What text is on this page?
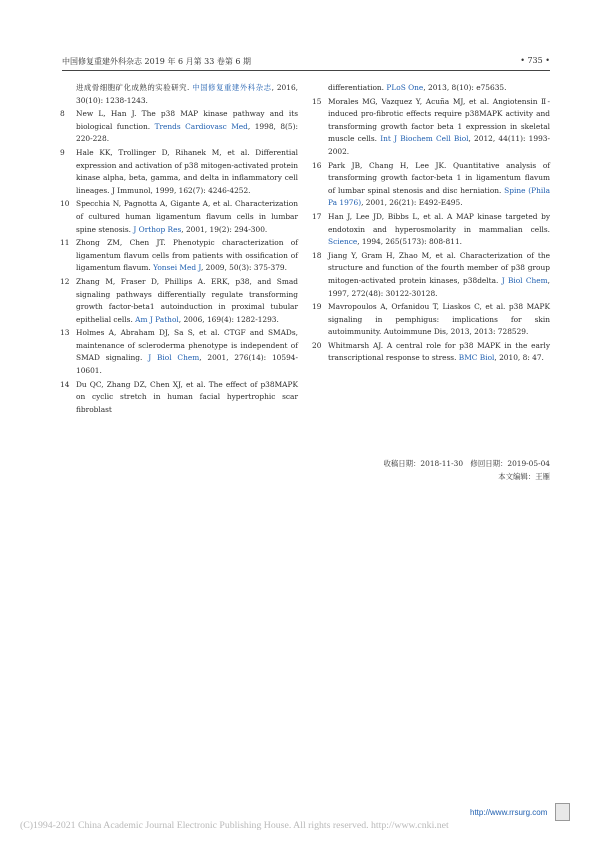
中国修复重建外科杂志 2019 年 6 月第 33 卷第 6 期	• 735 •
进成骨细胞矿化成熟的实验研究. 中国修复重建外科杂志, 2016, 30(10): 1238-1243.
8 New L, Han J. The p38 MAP kinase pathway and its biological function. Trends Cardiovasc Med, 1998, 8(5): 220-228.
9 Hale KK, Trollinger D, Rihanek M, et al. Differential expression and activation of p38 mitogen-activated protein kinase alpha, beta, gamma, and delta in inflammatory cell lineages. J Immunol, 1999, 162(7): 4246-4252.
10 Specchia N, Pagnotta A, Gigante A, et al. Characterization of cultured human ligamentum flavum cells in lumbar spine stenosis. J Orthop Res, 2001, 19(2): 294-300.
11 Zhong ZM, Chen JT. Phenotypic characterization of ligamentum flavum cells from patients with ossification of ligamentum flavum. Yonsei Med J, 2009, 50(3): 375-379.
12 Zhang M, Fraser D, Phillips A. ERK, p38, and Smad signaling pathways differentially regulate transforming growth factor-beta1 autoinduction in proximal tubular epithelial cells. Am J Pathol, 2006, 169(4): 1282-1293.
13 Holmes A, Abraham DJ, Sa S, et al. CTGF and SMADs, maintenance of scleroderma phenotype is independent of SMAD signaling. J Biol Chem, 2001, 276(14): 10594-10601.
14 Du QC, Zhang DZ, Chen XJ, et al. The effect of p38MAPK on cyclic stretch in human facial hypertrophic scar fibroblast
differentiation. PLoS One, 2013, 8(10): e75635.
15 Morales MG, Vazquez Y, Acuña MJ, et al. Angiotensin Ⅱ-induced pro-fibrotic effects require p38MAPK activity and transforming growth factor beta 1 expression in skeletal muscle cells. Int J Biochem Cell Biol, 2012, 44(11): 1993-2002.
16 Park JB, Chang H, Lee JK. Quantitative analysis of transforming growth factor-beta 1 in ligamentum flavum of lumbar spinal stenosis and disc herniation. Spine (Phila Pa 1976), 2001, 26(21): E492-E495.
17 Han J, Lee JD, Bibbs L, et al. A MAP kinase targeted by endotoxin and hyperosmolarity in mammalian cells. Science, 1994, 265(5173): 808-811.
18 Jiang Y, Gram H, Zhao M, et al. Characterization of the structure and function of the fourth member of p38 group mitogen-activated protein kinases, p38delta. J Biol Chem, 1997, 272(48): 30122-30128.
19 Mavropoulos A, Orfanidou T, Liaskos C, et al. p38 MAPK signaling in pemphigus: implications for skin autoimmunity. Autoimmune Dis, 2013, 2013: 728529.
20 Whitmarsh AJ. A central role for p38 MAPK in the early transcriptional response to stress. BMC Biol, 2010, 8: 47.
收稿日期：2018-11-30　修回日期：2019-05-04
本文编辑：王雁
http://www.rrsurg.com
(C)1994-2021 China Academic Journal Electronic Publishing House. All rights reserved. http://www.cnki.net
